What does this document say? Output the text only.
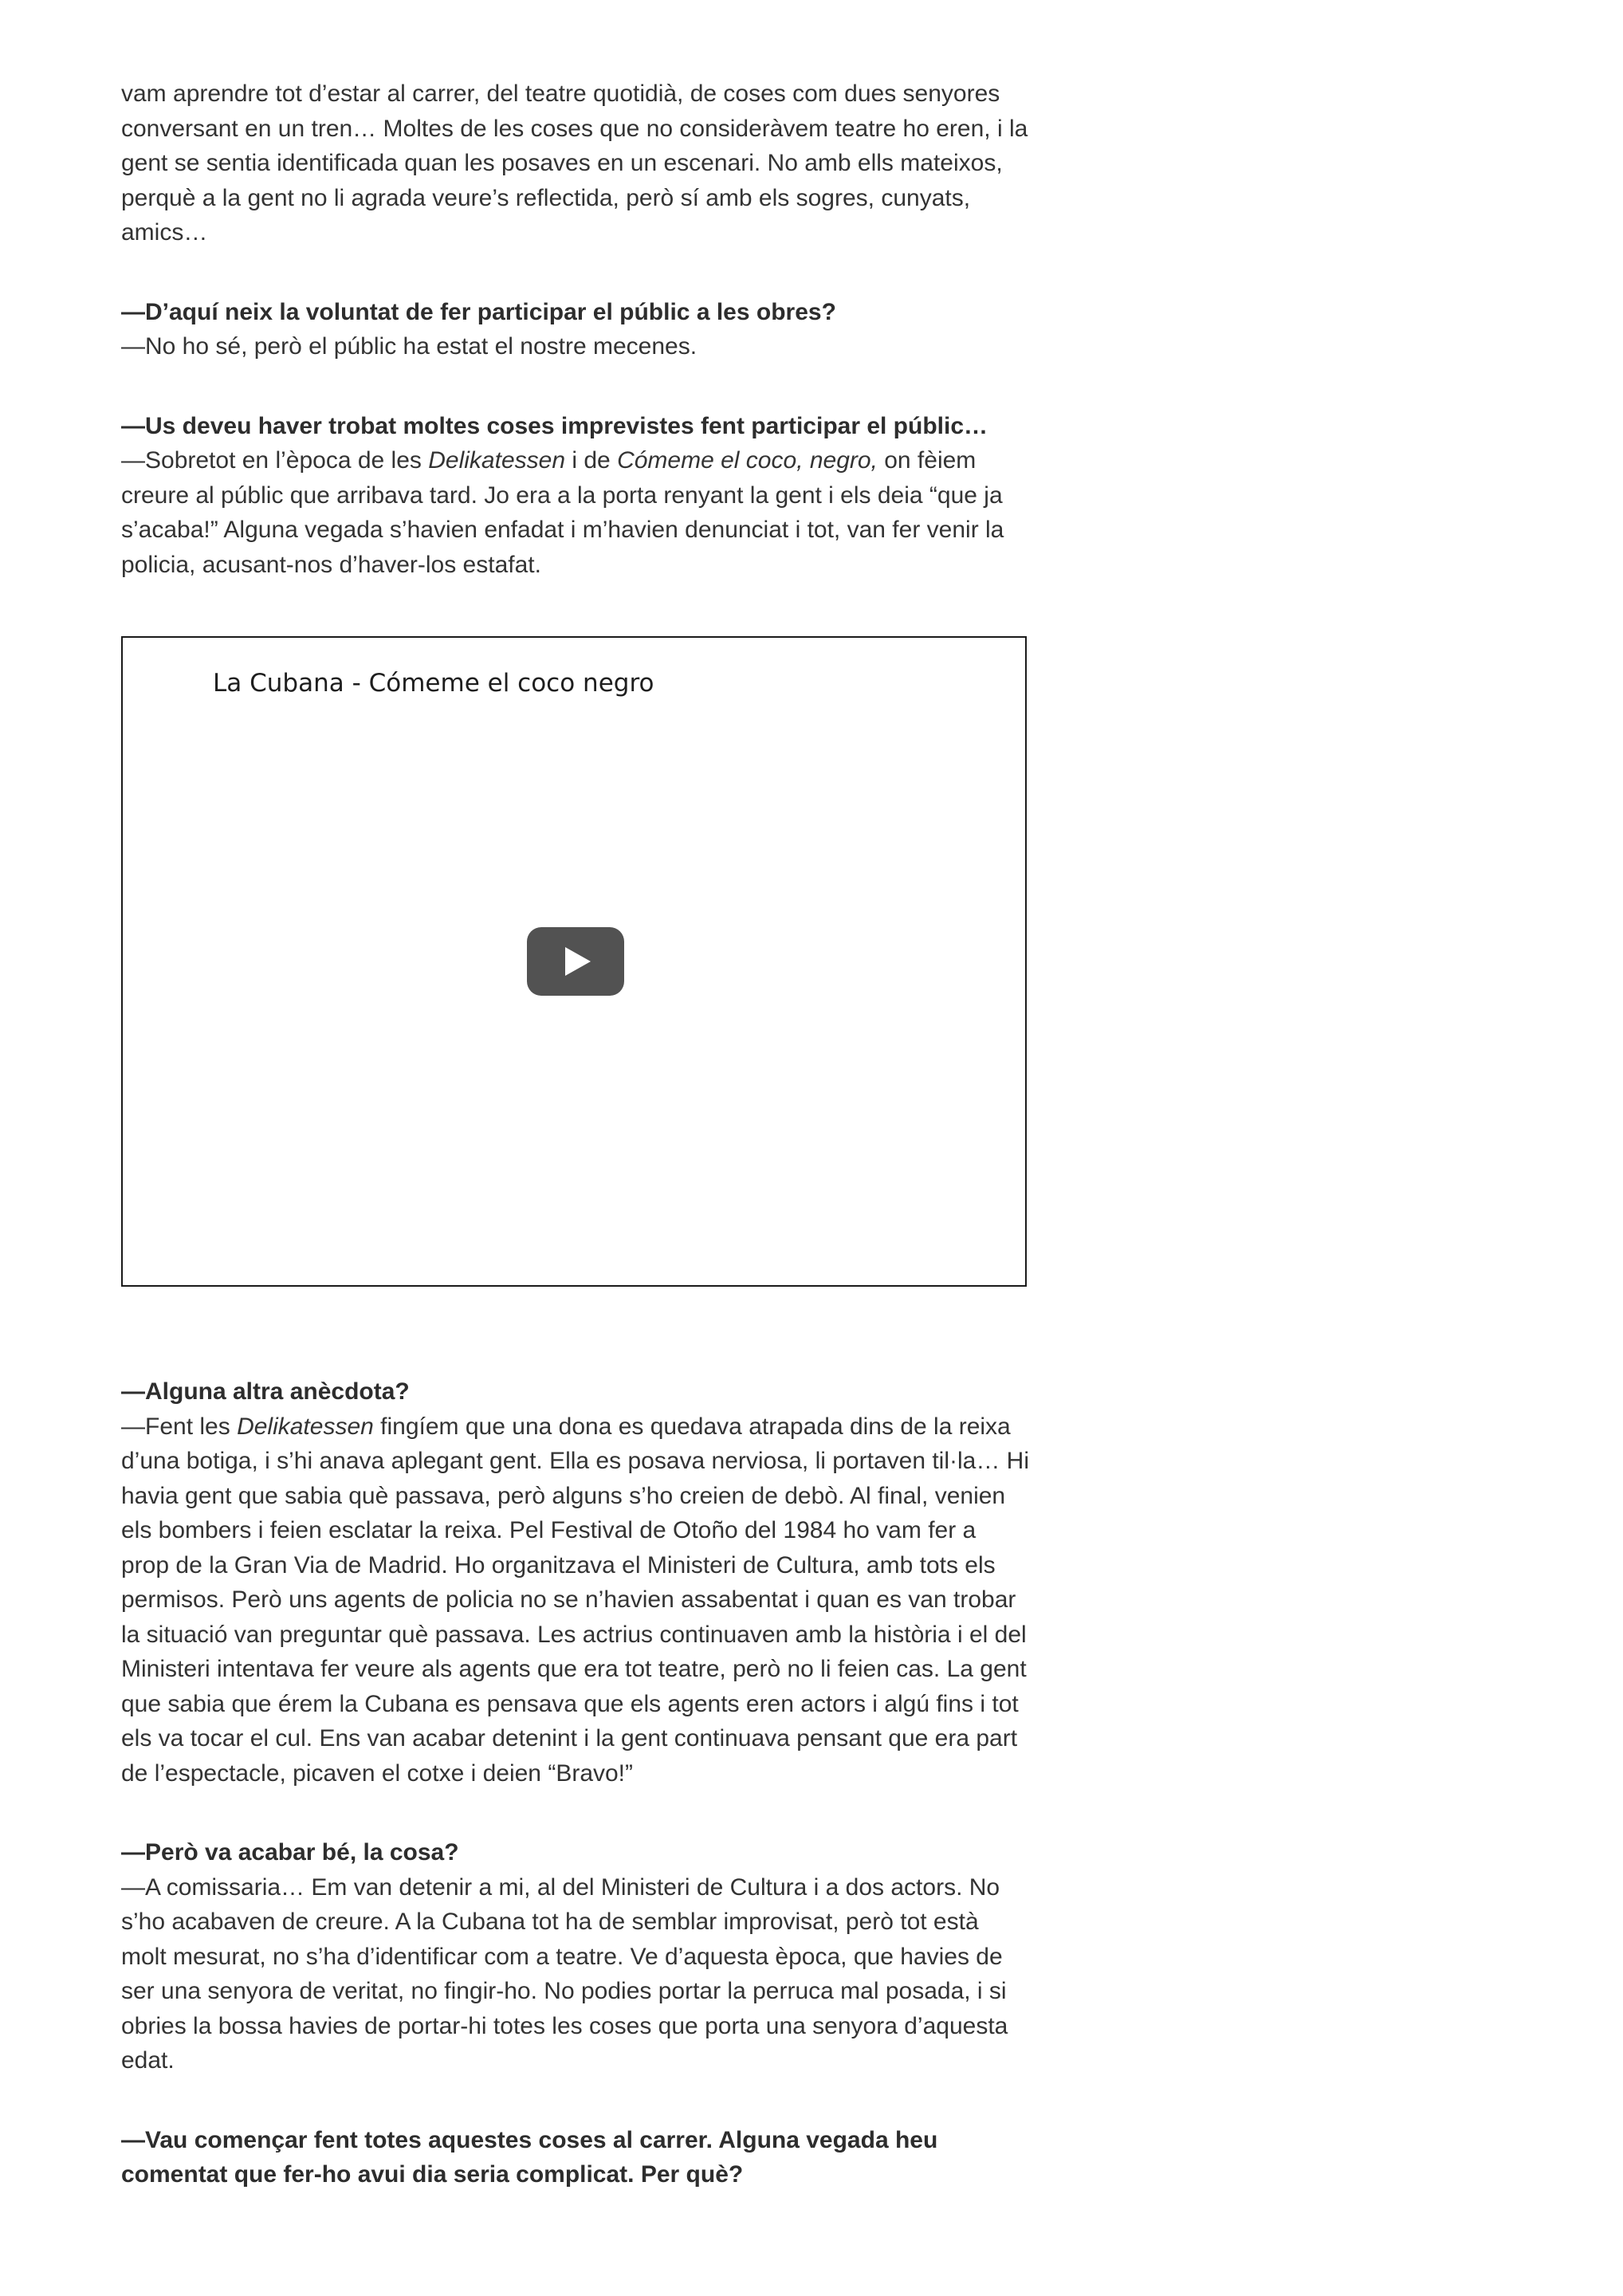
vam aprendre tot d’estar al carrer, del teatre quotidià, de coses com dues senyores conversant en un tren… Moltes de les coses que no consideràvem teatre ho eren, i la gent se sentia identificada quan les posaves en un escenari. No amb ells mateixos, perquè a la gent no li agrada veure’s reflectida, però sí amb els sogres, cunyats, amics…

—D’aquí neix la voluntat de fer participar el públic a les obres?

—No ho sé, però el públic ha estat el nostre mecenes.

—Us deveu haver trobat moltes coses imprevistes fent participar el públic…

—Sobretot en l’època de les Delikatessen i de Cómeme el coco, negro, on fèiem creure al públic que arribava tard. Jo era a la porta renyant la gent i els deia “que ja s’acaba!” Alguna vegada s’havien enfadat i m’havien denunciat i tot, van fer venir la policia, acusant-nos d’haver-los estafat.

La Cubana - Cómeme el coco negro

—Alguna altra anècdota?

—Fent les Delikatessen fingíem que una dona es quedava atrapada dins de la reixa d’una botiga, i s’hi anava aplegant gent. Ella es posava nerviosa, li portaven til·la… Hi havia gent que sabia què passava, però alguns s’ho creien de debò. Al final, venien els bombers i feien esclatar la reixa. Pel Festival de Otoño del 1984 ho vam fer a prop de la Gran Via de Madrid. Ho organitzava el Ministeri de Cultura, amb tots els permisos. Però uns agents de policia no se n’havien assabentat i quan es van trobar la situació van preguntar què passava. Les actrius continuaven amb la història i el del Ministeri intentava fer veure als agents que era tot teatre, però no li feien cas. La gent que sabia que érem la Cubana es pensava que els agents eren actors i algú fins i tot els va tocar el cul. Ens van acabar detenint i la gent continuava pensant que era part de l’espectacle, picaven el cotxe i deien “Bravo!”

—Però va acabar bé, la cosa?

—A comissaria… Em van detenir a mi, al del Ministeri de Cultura i a dos actors. No s’ho acabaven de creure. A la Cubana tot ha de semblar improvisat, però tot està molt mesurat, no s’ha d’identificar com a teatre. Ve d’aquesta època, que havies de ser una senyora de veritat, no fingir-ho. No podies portar la perruca mal posada, i si obries la bossa havies de portar-hi totes les coses que porta una senyora d’aquesta edat.

—Vau començar fent totes aquestes coses al carrer. Alguna vegada heu comentat que fer-ho avui dia seria complicat. Per què?
